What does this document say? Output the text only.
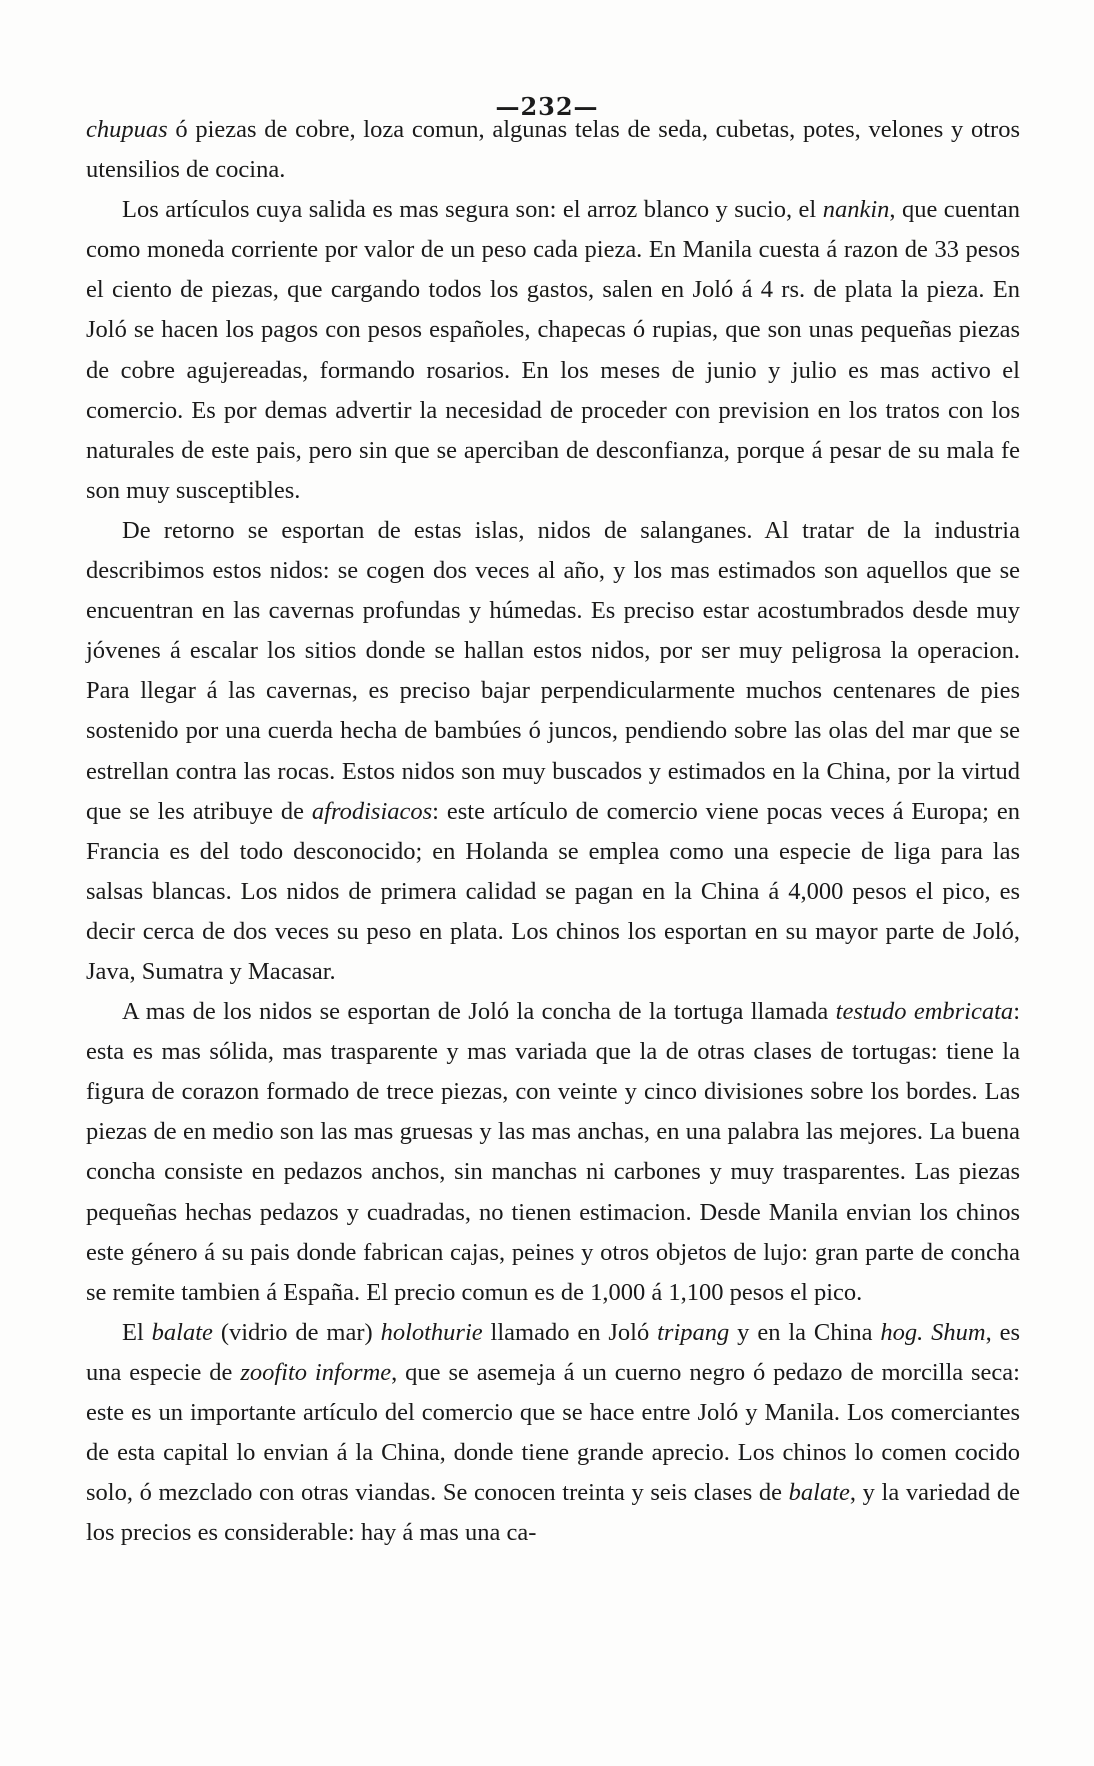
—232—

chupuas ó piezas de cobre, loza comun, algunas telas de seda, cubetas, potes, velones y otros utensilios de cocina.

Los artículos cuya salida es mas segura son: el arroz blanco y sucio, el nankin, que cuentan como moneda corriente por valor de un peso cada pieza. En Manila cuesta á razon de 33 pesos el ciento de piezas, que cargando todos los gastos, salen en Joló á 4 rs. de plata la pieza. En Joló se hacen los pagos con pesos españoles, chapecas ó rupias, que son unas pequeñas piezas de cobre agujereadas, formando rosarios. En los meses de junio y julio es mas activo el comercio. Es por demas advertir la necesidad de proceder con prevision en los tratos con los naturales de este pais, pero sin que se aperciban de desconfianza, porque á pesar de su mala fe son muy susceptibles.

De retorno se esportan de estas islas, nidos de salanganes. Al tratar de la industria describimos estos nidos: se cogen dos veces al año, y los mas estimados son aquellos que se encuentran en las cavernas profundas y húmedas. Es preciso estar acostumbrados desde muy jóvenes á escalar los sitios donde se hallan estos nidos, por ser muy peligrosa la operacion. Para llegar á las cavernas, es preciso bajar perpendicularmente muchos centenares de pies sostenido por una cuerda hecha de bambúes ó juncos, pendiendo sobre las olas del mar que se estrellan contra las rocas. Estos nidos son muy buscados y estimados en la China, por la virtud que se les atribuye de afrodisiacos: este artículo de comercio viene pocas veces á Europa; en Francia es del todo desconocido; en Holanda se emplea como una especie de liga para las salsas blancas. Los nidos de primera calidad se pagan en la China á 4,000 pesos el pico, es decir cerca de dos veces su peso en plata. Los chinos los esportan en su mayor parte de Joló, Java, Sumatra y Macasar.

A mas de los nidos se esportan de Joló la concha de la tortuga llamada testudo embricata: esta es mas sólida, mas trasparente y mas variada que la de otras clases de tortugas: tiene la figura de corazon formado de trece piezas, con veinte y cinco divisiones sobre los bordes. Las piezas de en medio son las mas gruesas y las mas anchas, en una palabra las mejores. La buena concha consiste en pedazos anchos, sin manchas ni carbones y muy trasparentes. Las piezas pequeñas hechas pedazos y cuadradas, no tienen estimacion. Desde Manila envian los chinos este género á su pais donde fabrican cajas, peines y otros objetos de lujo: gran parte de concha se remite tambien á España. El precio comun es de 1,000 á 1,100 pesos el pico.

El balate (vidrio de mar) holothurie llamado en Joló tripang y en la China hog. Shum, es una especie de zoofito informe, que se asemeja á un cuerno negro ó pedazo de morcilla seca: este es un importante artículo del comercio que se hace entre Joló y Manila. Los comerciantes de esta capital lo envian á la China, donde tiene grande aprecio. Los chinos lo comen cocido solo, ó mezclado con otras viandas. Se conocen treinta y seis clases de balate, y la variedad de los precios es considerable: hay á mas una ca-
